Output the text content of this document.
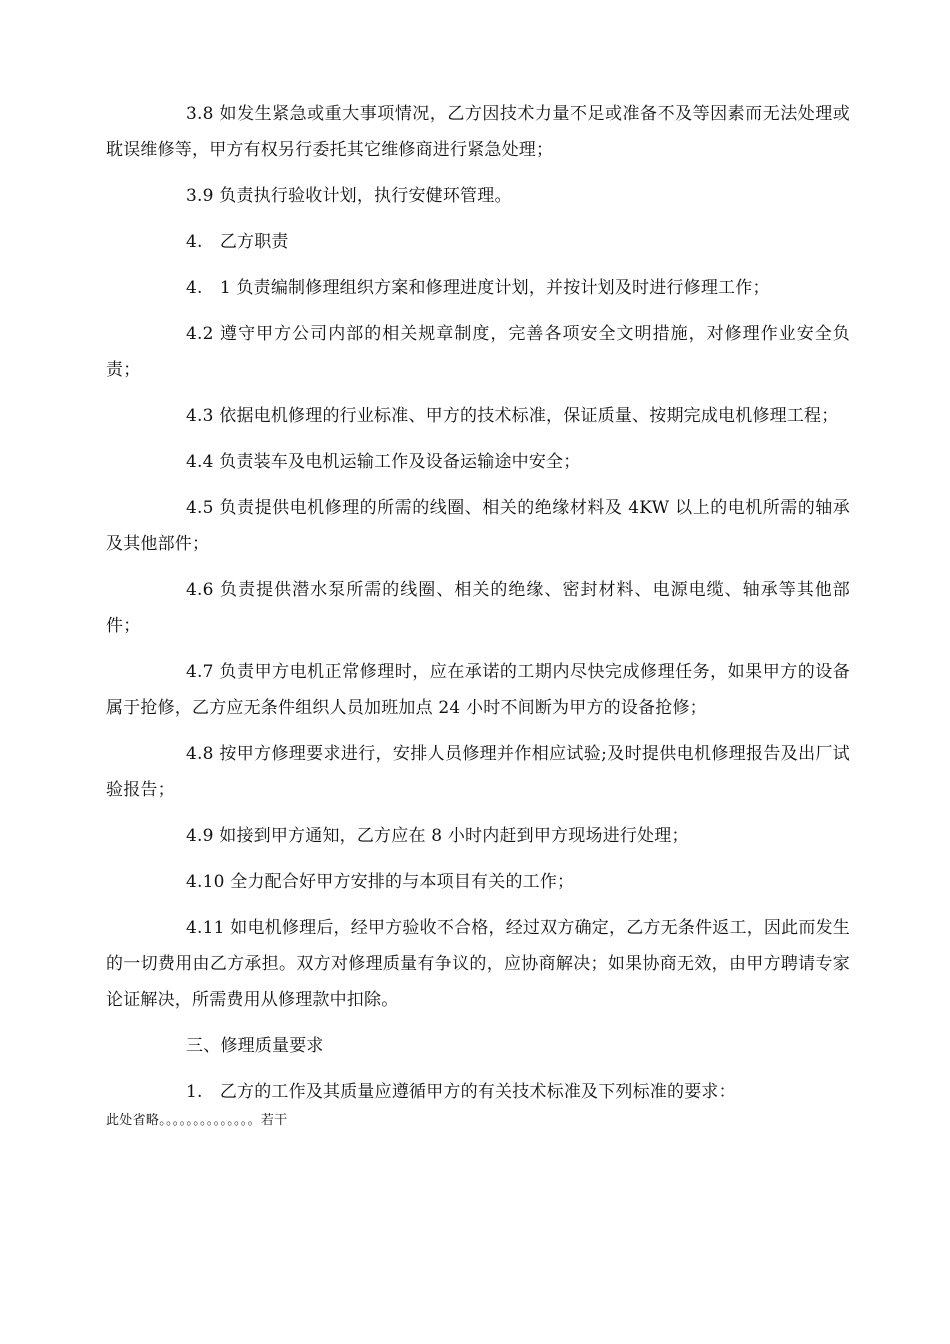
3.8 如发生紧急或重大事项情况，乙方因技术力量不足或准备不及等因素而无法处理或耽误维修等，甲方有权另行委托其它维修商进行紧急处理；

3.9 负责执行验收计划，执行安健环管理。

4.　乙方职责

4.　1 负责编制修理组织方案和修理进度计划，并按计划及时进行修理工作；

4.2 遵守甲方公司内部的相关规章制度，完善各项安全文明措施，对修理作业安全负责；

4.3 依据电机修理的行业标准、甲方的技术标准，保证质量、按期完成电机修理工程；

4.4 负责装车及电机运输工作及设备运输途中安全；

4.5 负责提供电机修理的所需的线圈、相关的绝缘材料及 4KW 以上的电机所需的轴承及其他部件；

4.6 负责提供潜水泵所需的线圈、相关的绝缘、密封材料、电源电缆、轴承等其他部件；

4.7 负责甲方电机正常修理时，应在承诺的工期内尽快完成修理任务，如果甲方的设备属于抢修，乙方应无条件组织人员加班加点 24 小时不间断为甲方的设备抢修；

4.8 按甲方修理要求进行，安排人员修理并作相应试验;及时提供电机修理报告及出厂试验报告；

4.9 如接到甲方通知，乙方应在 8 小时内赶到甲方现场进行处理；

4.10 全力配合好甲方安排的与本项目有关的工作；

4.11 如电机修理后，经甲方验收不合格，经过双方确定，乙方无条件返工，因此而发生的一切费用由乙方承担。双方对修理质量有争议的，应协商解决；如果协商无效，由甲方聘请专家论证解决，所需费用从修理款中扣除。

三、修理质量要求

1.　乙方的工作及其质量应遵循甲方的有关技术标准及下列标准的要求：

此处省略。。。。。。。。。。。。。。若干
